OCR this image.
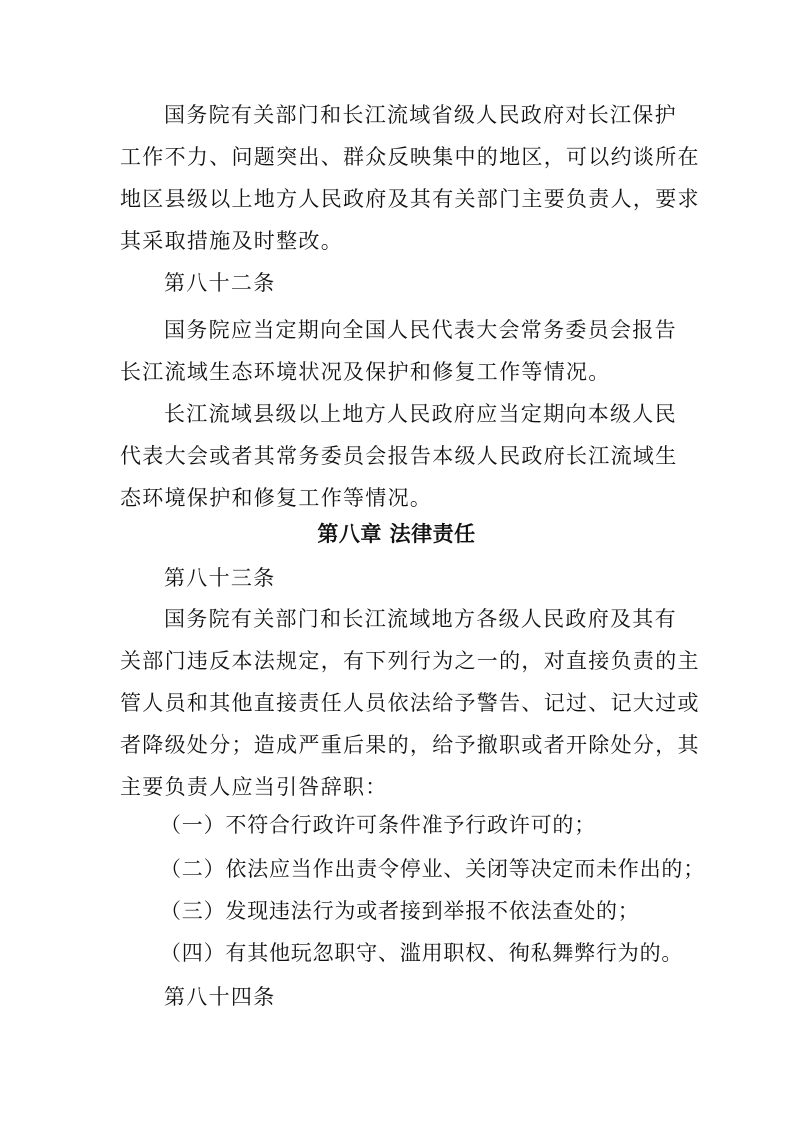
国务院有关部门和长江流域省级人民政府对长江保护
工作不力、问题突出、群众反映集中的地区，可以约谈所在
地区县级以上地方人民政府及其有关部门主要负责人，要求
其采取措施及时整改。

第八十二条

国务院应当定期向全国人民代表大会常务委员会报告
长江流域生态环境状况及保护和修复工作等情况。

长江流域县级以上地方人民政府应当定期向本级人民
代表大会或者其常务委员会报告本级人民政府长江流域生
态环境保护和修复工作等情况。

第八章 法律责任

第八十三条

国务院有关部门和长江流域地方各级人民政府及其有
关部门违反本法规定，有下列行为之一的，对直接负责的主
管人员和其他直接责任人员依法给予警告、记过、记大过或
者降级处分；造成严重后果的，给予撤职或者开除处分，其
主要负责人应当引咎辞职：

（一）不符合行政许可条件准予行政许可的；

（二）依法应当作出责令停业、关闭等决定而未作出的；

（三）发现违法行为或者接到举报不依法查处的；

（四）有其他玩忽职守、滥用职权、徇私舞弊行为的。

第八十四条
